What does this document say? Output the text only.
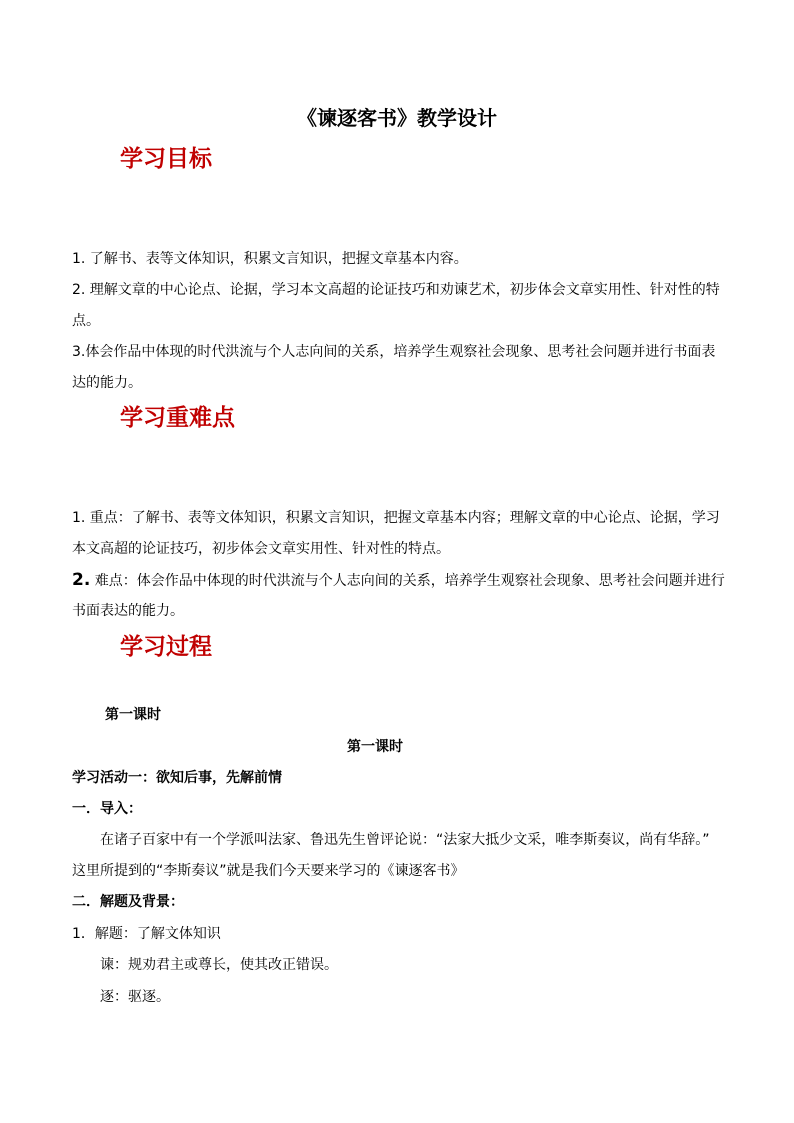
《谏逐客书》教学设计
学习目标
1. 了解书、表等文体知识，积累文言知识，把握文章基本内容。
2. 理解文章的中心论点、论据，学习本文高超的论证技巧和劝谏艺术，初步体会文章实用性、针对性的特
点。
3.体会作品中体现的时代洪流与个人志向间的关系，培养学生观察社会现象、思考社会问题并进行书面表
达的能力。
学习重难点
1. 重点：了解书、表等文体知识，积累文言知识，把握文章基本内容；理解文章的中心论点、论据，学习
本文高超的论证技巧，初步体会文章实用性、针对性的特点。
2. 难点：体会作品中体现的时代洪流与个人志向间的关系，培养学生观察社会现象、思考社会问题并进行
书面表达的能力。
学习过程
第一课时
第一课时
学习活动一：欲知后事，先解前情
一．导入：
在诸子百家中有一个学派叫法家、鲁迅先生曾评论说：“法家大抵少文采，唯李斯奏议，尚有华辞。”
这里所提到的“李斯奏议”就是我们今天要来学习的《谏逐客书》
二．解题及背景：
1．解题：了解文体知识
谏：规劝君主或尊长，使其改正错误。
逐：驱逐。
